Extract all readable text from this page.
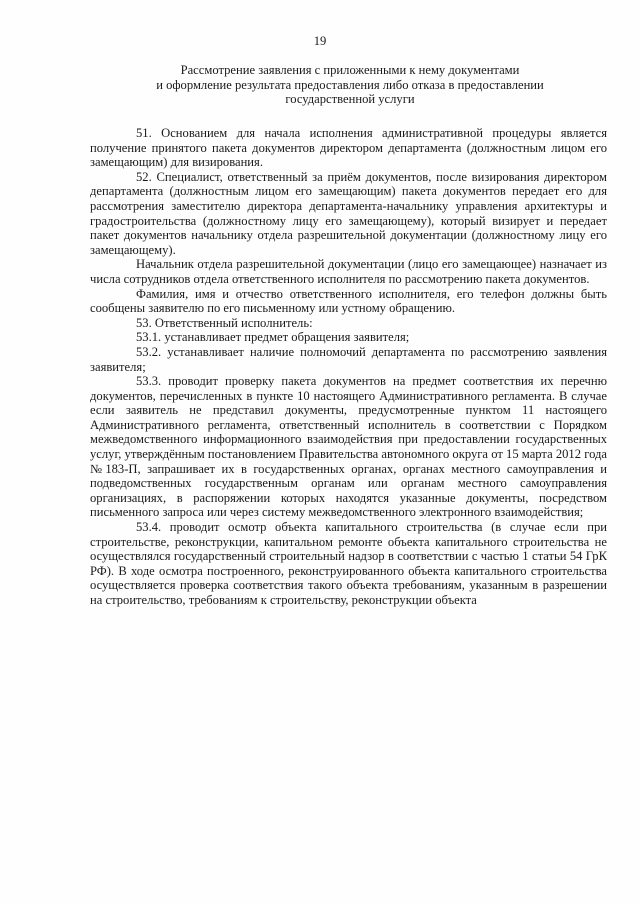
19
Рассмотрение заявления с приложенными к нему документами
и оформление результата предоставления либо отказа в предоставлении
государственной услуги

51. Основанием для начала исполнения административной процедуры является получение принятого пакета документов директором департамента (должностным лицом его замещающим) для визирования.

52. Специалист, ответственный за приём документов, после визирования директором департамента (должностным лицом его замещающим) пакета документов передает его для рассмотрения заместителю директора департамента-начальнику управления архитектуры и градостроительства (должностному лицу его замещающему), который визирует и передает пакет документов начальнику отдела разрешительной документации (должностному лицу его замещающему).

Начальник отдела разрешительной документации (лицо его замещающее) назначает из числа сотрудников отдела ответственного исполнителя по рассмотрению пакета документов.

Фамилия, имя и отчество ответственного исполнителя, его телефон должны быть сообщены заявителю по его письменному или устному обращению.

53. Ответственный исполнитель:

53.1. устанавливает предмет обращения заявителя;

53.2. устанавливает наличие полномочий департамента по рассмотрению заявления заявителя;

53.3. проводит проверку пакета документов на предмет соответствия их перечню документов, перечисленных в пункте 10 настоящего Административного регламента. В случае если заявитель не представил документы, предусмотренные пунктом 11 настоящего Административного регламента, ответственный исполнитель в соответствии с Порядком межведомственного информационного взаимодействия при предоставлении государственных услуг, утверждённым постановлением Правительства автономного округа от 15 марта 2012 года №183-П, запрашивает их в государственных органах, органах местного самоуправления и подведомственных государственным органам или органам местного самоуправления организациях, в распоряжении которых находятся указанные документы, посредством письменного запроса или через систему межведомственного электронного взаимодействия;

53.4. проводит осмотр объекта капитального строительства (в случае если при строительстве, реконструкции, капитальном ремонте объекта капитального строительства не осуществлялся государственный строительный надзор в соответствии с частью 1 статьи 54 ГрК РФ). В ходе осмотра построенного, реконструированного объекта капитального строительства осуществляется проверка соответствия такого объекта требованиям, указанным в разрешении на строительство, требованиям к строительству, реконструкции объекта
